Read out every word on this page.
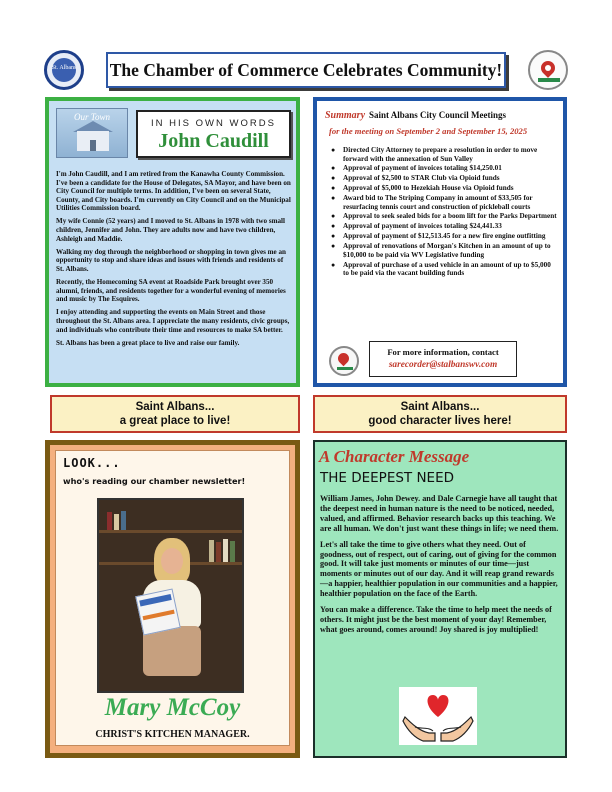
St. Albans The Chamber of Commerce Celebrates Community!
Our Town
IN HIS OWN WORDS
John Caudill

I'm John Caudill, and I am retired from the Kanawha County Commission. I've been a candidate for the House of Delegates, SA Mayor, and have been on City Council for multiple terms. In addition, I've been on several State, County, and City boards. I'm currently on City Council and on the Municipal Utilities Commission board.

My wife Connie (52 years) and I moved to St. Albans in 1978 with two small children, Jennifer and John. They are adults now and have two children, Ashleigh and Maddie.

Walking my dog through the neighborhood or shopping in town gives me an opportunity to stop and share ideas and issues with friends and residents of St. Albans.

Recently, the Homecoming SA event at Roadside Park brought over 350 alumni, friends, and residents together for a wonderful evening of memories and music by The Esquires.

I enjoy attending and supporting the events on Main Street and those throughout the St. Albans area. I appreciate the many residents, civic groups, and individuals who contribute their time and resources to make SA better.

St. Albans has been a great place to live and raise our family.

Summary Saint Albans City Council Meetings
for the meeting on September 2 and September 15, 2025
● Directed City Attorney to prepare a resolution in order to move forward with the annexation of Sun Valley
● Approval of payment of invoices totaling $14,250.01
● Approval of $2,500 to STAR Club via Opioid funds
● Approval of $5,000 to Hezekiah House via Opioid funds
● Award bid to The Striping Company in amount of $33,505 for resurfacing tennis court and construction of pickleball courts
● Approval to seek sealed bids for a boom lift for the Parks Department
● Approval of payment of invoices totaling $24,441.33
● Approval of payment of $12,513.45 for a new fire engine outfitting
● Approval of renovations of Morgan's Kitchen in an amount of up to $10,000 to be paid via WV Legislative funding
● Approval of purchase of a used vehicle in an amount of up to $5,000 to be paid via the vacant building funds
For more information, contact
sarecorder@stalbanswv.com
Saint Albans...
a great place to live!
Saint Albans...
good character lives here!
LOOK...
who's reading our chamber newsletter!
Mary McCoy
CHRIST'S KITCHEN MANAGER.
A Character Message
THE DEEPEST NEED

William James, John Dewey. and Dale Carnegie have all taught that the deepest need in human nature is the need to be noticed, needed, valued, and affirmed. Behavior research backs up this teaching. We are all human. We don't just want these things in life; we need them.

Let's all take the time to give others what they need. Out of goodness, out of respect, out of caring, out of giving for the common good. It will take just moments or minutes of our time—just moments or minutes out of our day. And it will reap grand rewards—a happier, healthier population in our communities and a happier, healthier population on the face of the Earth.

You can make a difference. Take the time to help meet the needs of others. It might just be the best moment of your day! Remember, what goes around, comes around! Joy shared is joy multiplied!
